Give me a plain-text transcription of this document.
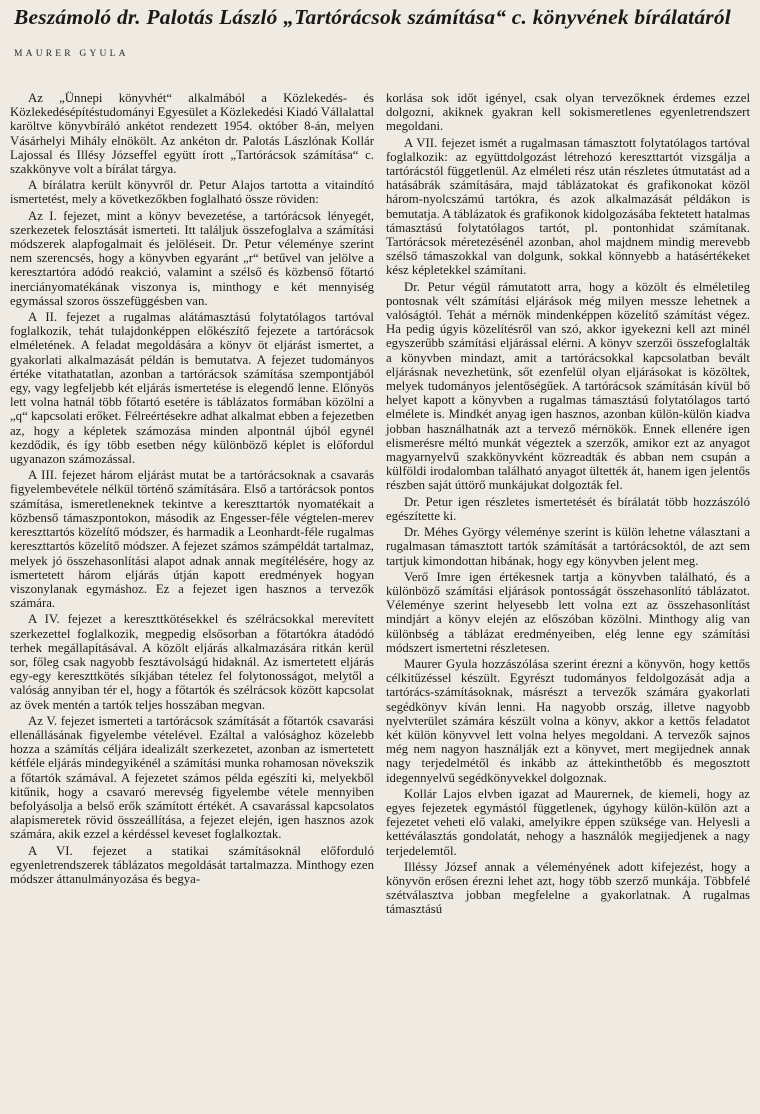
Beszámoló dr. Palotás László „Tartórácsok számítása“ c. könyvének bírálatáról
MAURER GYULA

Az „Ünnepi könyvhét“ alkalmából a Közlekedés- és Közlekedésépítéstudományi Egyesület a Közlekedési Kiadó Vállalattal karöltve könyvbíráló ankétot rendezett 1954. október 8-án, melyen Vásárhelyi Mihály elnökölt. Az ankéton dr. Palotás Lászlónak Kollár Lajossal és Illésy Józseffel együtt írott „Tartórácsok számítása“ c. szakkönyve volt a bírálat tárgya.

A bírálatra került könyvről dr. Petur Alajos tartotta a vitaindító ismertetést, mely a következőkben foglalható össze röviden:

Az I. fejezet, mint a könyv bevezetése, a tartórácsok lényegét, szerkezetek felosztását ismerteti. Itt találjuk összefoglalva a számítási módszerek alapfogalmait és jelöléseit. Dr. Petur véleménye szerint nem szerencsés, hogy a könyvben egyaránt „r“ betűvel van jelölve a keresztartóra adódó reakció, valamint a szélső és közbenső főtartó inerciányomatékának viszonya is, minthogy e két mennyiség egymással szoros összefüggésben van.

A II. fejezet a rugalmas alátámasztású folytatólagos tartóval foglalkozik, tehát tulajdonképpen előkészítő fejezete a tartórácsok elméletének. A feladat megoldására a könyv öt eljárást ismertet, a gyakorlati alkalmazását példán is bemutatva. A fejezet tudományos értéke vitathatatlan, azonban a tartórácsok számítása szempontjából egy, vagy legfeljebb két eljárás ismertetése is elegendő lenne. Előnyös lett volna hatnál több főtartó esetére is táblázatos formában közölni a „q“ kapcsolati erőket. Félreértésekre adhat alkalmat ebben a fejezetben az, hogy a képletek számozása minden alpontnál újból egynél kezdődik, és így több esetben négy különböző képlet is előfordul ugyanazon számozással.

A III. fejezet három eljárást mutat be a tartórácsoknak a csavarás figyelembevétele nélkül történő számítására. Első a tartórácsok pontos számítása, ismeretleneknek tekintve a kereszttartók nyomatékait a közbenső támaszpontokon, második az Engesser-féle végtelen-merev kereszttartós közelítő módszer, és harmadik a Leonhardt-féle rugalmas kereszttartós közelítő módszer. A fejezet számos számpéldát tartalmaz, melyek jó összehasonlítási alapot adnak annak megítélésére, hogy az ismertetett három eljárás útján kapott eredmények hogyan viszonylanak egymáshoz. Ez a fejezet igen hasznos a tervezők számára.

A IV. fejezet a kereszttkötésekkel és szélrácsokkal merevített szerkezettel foglalkozik, megpedig elsősorban a főtartókra átadódó terhek megállapításával. A közölt eljárás alkalmazására ritkán kerül sor, főleg csak nagyobb fesztávolságú hidaknál. Az ismertetett eljárás egy-egy kereszttkötés síkjában tételez fel folytonosságot, melytől a valóság annyiban tér el, hogy a főtartók és szélrácsok között kapcsolat az övek mentén a tartók teljes hosszában megvan.

Az V. fejezet ismerteti a tartórácsok számítását a főtartók csavarási ellenállásának figyelembe vételével. Ezáltal a valósághoz közelebb hozza a számítás céljára idealizált szerkezetet, azonban az ismertetett kétféle eljárás mindegyikénél a számítási munka rohamosan növekszik a főtartók számával. A fejezetet számos példa egészíti ki, melyekből kitűnik, hogy a csavaró merevség figyelembe vétele mennyiben befolyásolja a belső erők számított értékét. A csavarással kapcsolatos alapismeretek rövid összeállítása, a fejezet elején, igen hasznos azok számára, akik ezzel a kérdéssel keveset foglalkoztak.

A VI. fejezet a statikai számításoknál előforduló egyenletrendszerek táblázatos megoldását tartalmazza. Minthogy ezen módszer áttanulmányozása és begya-

korlása sok időt igényel, csak olyan tervezőknek érdemes ezzel dolgozni, akiknek gyakran kell sokismeretlenes egyenletrendszert megoldani.

A VII. fejezet ismét a rugalmasan támasztott folytatólagos tartóval foglalkozik: az együttdolgozást létrehozó kereszttartót vizsgálja a tartórácstól függetlenül. Az elméleti rész után részletes útmutatást ad a hatásábrák számítására, majd táblázatokat és grafikonokat közöl három-nyolcszámú tartókra, és azok alkalmazását példákon is bemutatja. A táblázatok és grafikonok kidolgozásába fektetett hatalmas támasztású folytatólagos tartót, pl. pontonhidat számítanak. Tartórácsok méretezésénél azonban, ahol majdnem mindig merevebb szélső támaszokkal van dolgunk, sokkal könnyebb a hatásértékeket kész képletekkel számítani.

Dr. Petur végül rámutatott arra, hogy a közölt és elméletileg pontosnak vélt számítási eljárások még milyen messze lehetnek a valóságtól. Tehát a mérnök mindenképpen közelítő számítást végez. Ha pedig úgyis közelítésről van szó, akkor igyekezni kell azt minél egyszerűbb számítási eljárással elérni. A könyv szerzői összefoglalták a könyvben mindazt, amit a tartórácsokkal kapcsolatban bevált eljárásnak nevezhetünk, sőt ezenfelül olyan eljárásokat is közöltek, melyek tudományos jelentőségűek. A tartórácsok számításán kívül bő helyet kapott a könyvben a rugalmas támasztású folytatólagos tartó elmélete is. Mindkét anyag igen hasznos, azonban külön-külön kiadva jobban használhatnák azt a tervező mérnökök. Ennek ellenére igen elismerésre méltó munkát végeztek a szerzők, amikor ezt az anyagot magyarnyelvű szakkönyvként közreadták és abban nem csupán a külföldi irodalomban található anyagot ültették át, hanem igen jelentős részben saját úttörő munkájukat dolgozták fel.

Dr. Petur igen részletes ismertetését és bírálatát több hozzászóló egészítette ki.

Dr. Méhes György véleménye szerint is külön lehetne választani a rugalmasan támasztott tartók számítását a tartórácsoktól, de azt sem tartjuk kimondottan hibának, hogy egy könyvben jelent meg.

Verő Imre igen értékesnek tartja a könyvben található, és a különböző számítási eljárások pontosságát összehasonlító táblázatot. Véleménye szerint helyesebb lett volna ezt az összehasonlítást mindjárt a könyv elején az előszóban közölni. Minthogy alig van különbség a táblázat eredményeiben, elég lenne egy számítási módszert ismertetni részletesen.

Maurer Gyula hozzászólása szerint érezni a könyvön, hogy kettős célkitűzéssel készült. Egyrészt tudományos feldolgozását adja a tartórács-számításoknak, másrészt a tervezők számára gyakorlati segédkönyv kíván lenni. Ha nagyobb ország, illetve nagyobb nyelvterület számára készült volna a könyv, akkor a kettős feladatot két külön könyvvel lett volna helyes megoldani. A tervezők sajnos még nem nagyon használják ezt a könyvet, mert megijednek annak nagy terjedelmétől és inkább az áttekinthetőbb és megosztott idegennyelvű segédkönyvekkel dolgoznak.

Kollár Lajos elvben igazat ad Maurernek, de kiemeli, hogy az egyes fejezetek egymástól függetlenek, úgyhogy külön-külön azt a fejezetet veheti elő valaki, amelyikre éppen szüksége van. Helyesli a kettéválasztás gondolatát, nehogy a használók megijedjenek a nagy terjedelemtől.

Illéssy József annak a véleményének adott kifejezést, hogy a könyvön erősen érezni lehet azt, hogy több szerző munkája. Többfelé szétválasztva jobban megfelelne a gyakorlatnak. A rugalmas támasztású
